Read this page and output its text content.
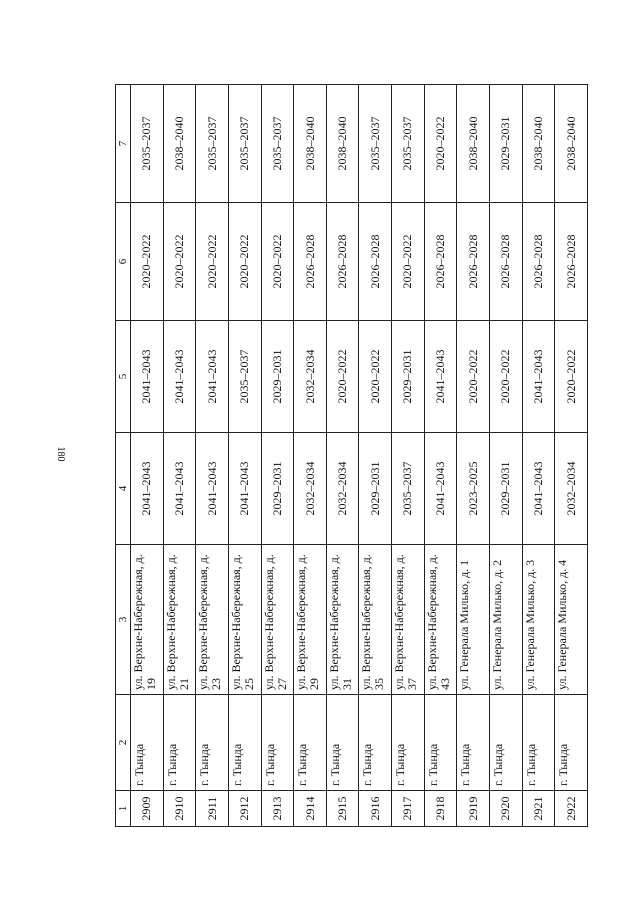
180
1	2	3	4	5	6	7
2909	г. Тында	ул. Верхне-Набережная, д. 19	2041–2043	2041–2043	2020–2022	2035–2037
2910	г. Тында	ул. Верхне-Набережная, д. 21	2041–2043	2041–2043	2020–2022	2038–2040
2911	г. Тында	ул. Верхне-Набережная, д. 23	2041–2043	2041–2043	2020–2022	2035–2037
2912	г. Тында	ул. Верхне-Набережная, д. 25	2041–2043	2035–2037	2020–2022	2035–2037
2913	г. Тында	ул. Верхне-Набережная, д. 27	2029–2031	2029–2031	2020–2022	2035–2037
2914	г. Тында	ул. Верхне-Набережная, д. 29	2032–2034	2032–2034	2026–2028	2038–2040
2915	г. Тында	ул. Верхне-Набережная, д. 31	2032–2034	2020–2022	2026–2028	2038–2040
2916	г. Тында	ул. Верхне-Набережная, д. 35	2029–2031	2020–2022	2026–2028	2035–2037
2917	г. Тында	ул. Верхне-Набережная, д. 37	2035–2037	2029–2031	2020–2022	2035–2037
2918	г. Тында	ул. Верхне-Набережная, д. 43	2041–2043	2041–2043	2026–2028	2020–2022
2919	г. Тында	ул. Генерала Милько, д. 1	2023–2025	2020–2022	2026–2028	2038–2040
2920	г. Тында	ул. Генерала Милько, д. 2	2029–2031	2020–2022	2026–2028	2029–2031
2921	г. Тында	ул. Генерала Милько, д. 3	2041–2043	2041–2043	2026–2028	2038–2040
2922	г. Тында	ул. Генерала Милько, д. 4	2032–2034	2020–2022	2026–2028	2038–2040
